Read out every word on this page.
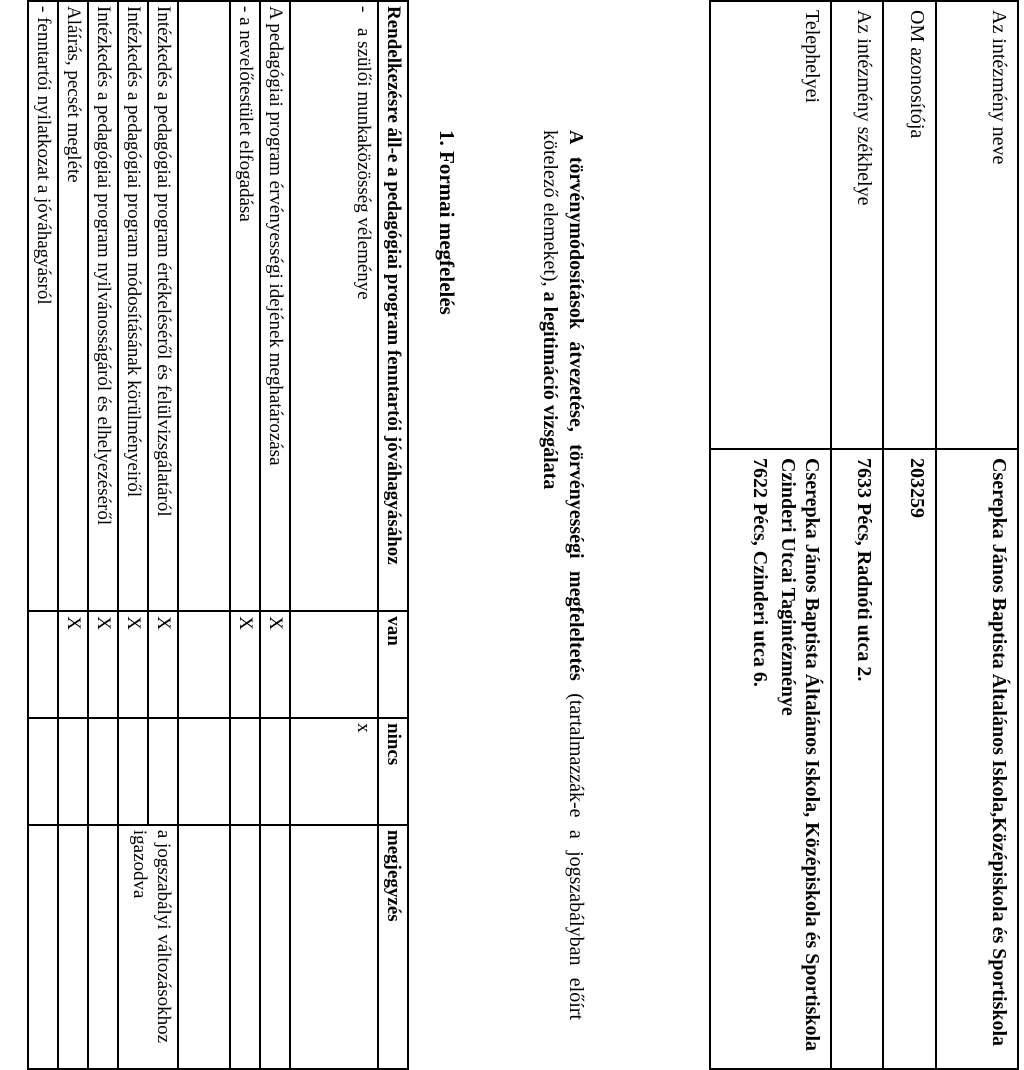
Az intézmény neve	Cserepka János Baptista Általános Iskola,Középiskola és Sportiskola
OM azonosítója	203259
Az intézmény székhelye	7633 Pécs, Radnóti utca 2.
Telephelyei	Cserepka János Baptista Általános Iskola, Középiskola és Sportiskola Czinderi Utcai Tagintézménye
7622 Pécs, Czinderi utca 6.
A törvénymódosítások átvezetése, törvényességi megfeleltetés (tartalmazzák-e a jogszabályban előírt kötelező elemeket), a legitimáció vizsgálata
1. Formai megfelelés
Rendelkezésre áll-e a pedagógiai program fenntartói jóváhagyásához	van	nincs	megjegyzés
-a szülői munkaközösség véleménye		x	
A pedagógiai program érvényességi idejének meghatározása	X		
- a nevelőtestület elfogadása	X		

Intézkedés a pedagógiai program értékeléséről és felülvizsgálatáról	X		a jogszabályi változásokhoz igazodva
Intézkedés a pedagógiai program módosításának körülményeiről	X		
Intézkedés a pedagógiai program nyilvánosságáról és elhelyezéséről	X		
Aláírás, pecsét megléte	X		
- fenntartói nyilatkozat a jóváhagyásról			
